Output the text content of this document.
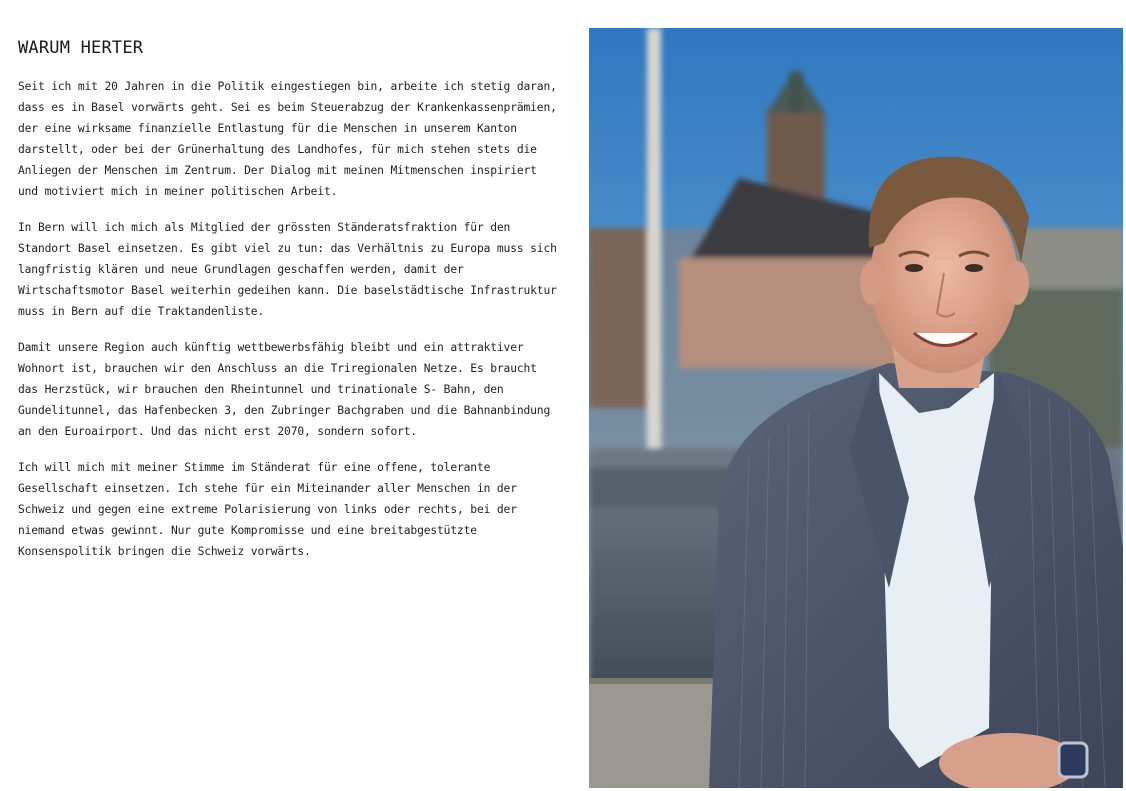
WARUM HERTER

Seit ich mit 20 Jahren in die Politik eingestiegen bin, arbeite ich stetig daran, dass es in Basel vorwärts geht. Sei es beim Steuerabzug der Krankenkassenprämien, der eine wirksame finanzielle Entlastung für die Menschen in unserem Kanton darstellt, oder bei der Grünerhaltung des Landhofes, für mich stehen stets die Anliegen der Menschen im Zentrum. Der Dialog mit meinen Mitmenschen inspiriert und motiviert mich in meiner politischen Arbeit.

In Bern will ich mich als Mitglied der grössten Ständeratsfraktion für den Standort Basel einsetzen. Es gibt viel zu tun: das Verhältnis zu Europa muss sich langfristig klären und neue Grundlagen geschaffen werden, damit der Wirtschaftsmotor Basel weiterhin gedeihen kann. Die baselstädtische Infrastruktur muss in Bern auf die Traktandenliste.

Damit unsere Region auch künftig wettbewerbsfähig bleibt und ein attraktiver Wohnort ist, brauchen wir den Anschluss an die Triregionalen Netze. Es braucht das Herzstück, wir brauchen den Rheintunnel und trinationale S- Bahn, den Gundelitunnel, das Hafenbecken 3, den Zubringer Bachgraben und die Bahnanbindung an den Euroairport. Und das nicht erst 2070, sondern sofort.

Ich will mich mit meiner Stimme im Ständerat für eine offene, tolerante Gesellschaft einsetzen. Ich stehe für ein Miteinander aller Menschen in der Schweiz und gegen eine extreme Polarisierung von links oder rechts, bei der niemand etwas gewinnt. Nur gute Kompromisse und eine breitabgestützte Konsenspolitik bringen die Schweiz vorwärts.
